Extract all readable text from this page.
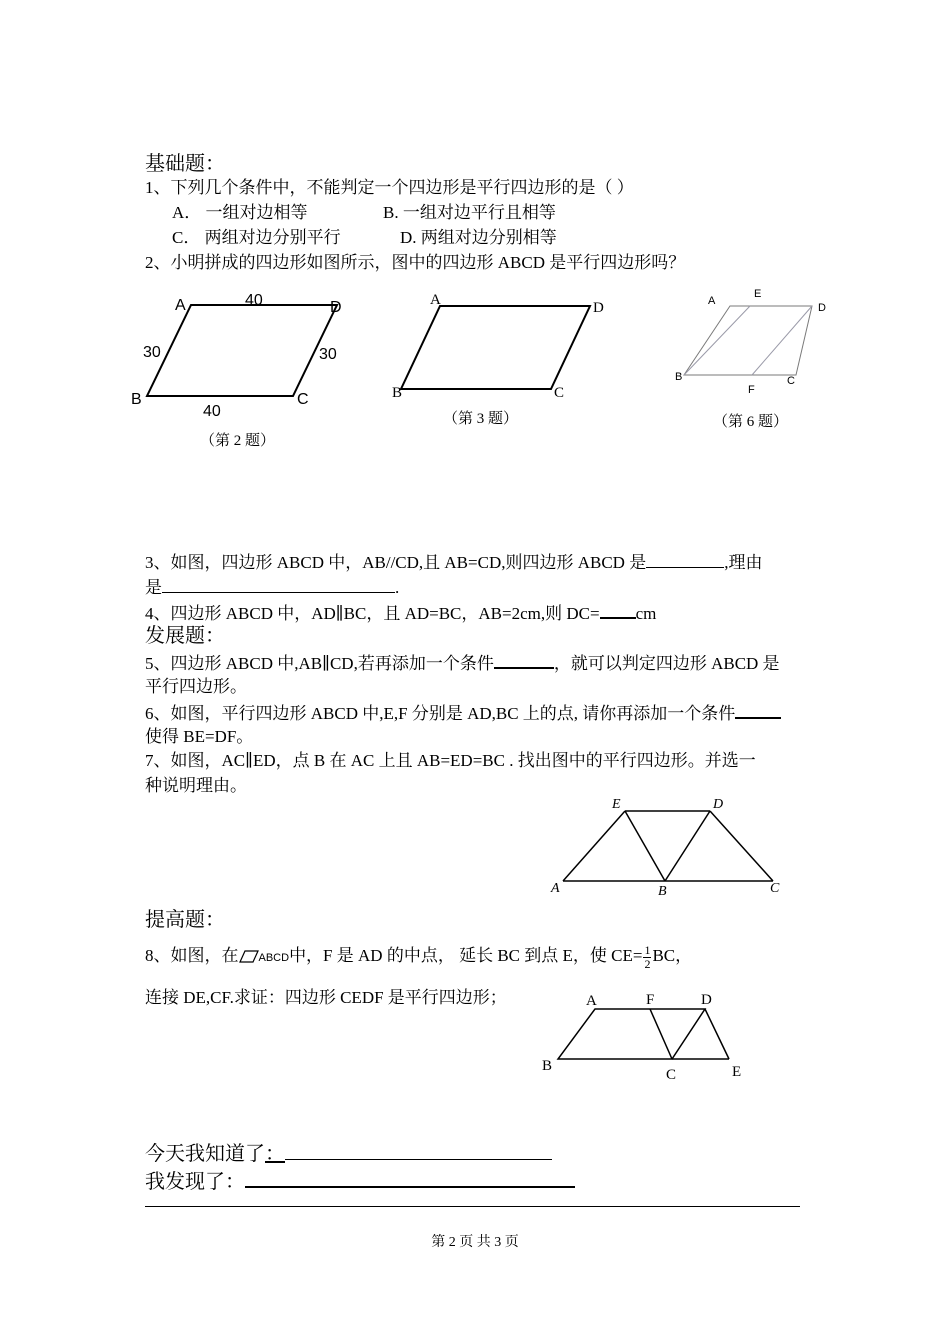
基础题：
1、下列几个条件中，不能判定一个四边形是平行四边形的是（ ）
A． 一组对边相等	B. 一组对边平行且相等
C． 两组对边分别平行	D. 两组对边分别相等
2、小明拼成的四边形如图所示，图中的四边形 ABCD 是平行四边形吗？
A	D
B	C
40
40
30	30
（第 2 题）
A	D
B	C
（第 3 题）
A
E
D
B
F
C
（第 6 题）
3、如图，四边形 ABCD 中，AB//CD,且 AB=CD,则四边形 ABCD 是	,理由
是	.
4、四边形 ABCD 中，AD∥BC，且 AD=BC，AB=2cm,则 DC= cm
发展题：
5、四边形 ABCD 中,AB∥CD,若再添加一个条件	，就可以判定四边形 ABCD 是
平行四边形。
6、如图，平行四边形 ABCD 中,E,F 分别是 AD,BC 上的点, 请你再添加一个条件
使得 BE=DF。
7、如图，AC∥ED，点 B 在 AC 上且 AB=ED=BC . 找出图中的平行四边形。并选一
种说明理由。
E	D
A	B	C
提高题：
8、如图，在 ABCD中，F 是 AD 的中点， 延长 BC 到点 E，使 $CE= \frac{1}{2}$ BC，
连接 DE,CF.求证：四边形 CEDF 是平行四边形；	A	F	D
B
C	E
今天我知道了：
我发现了：
第 2 页 共 3 页
